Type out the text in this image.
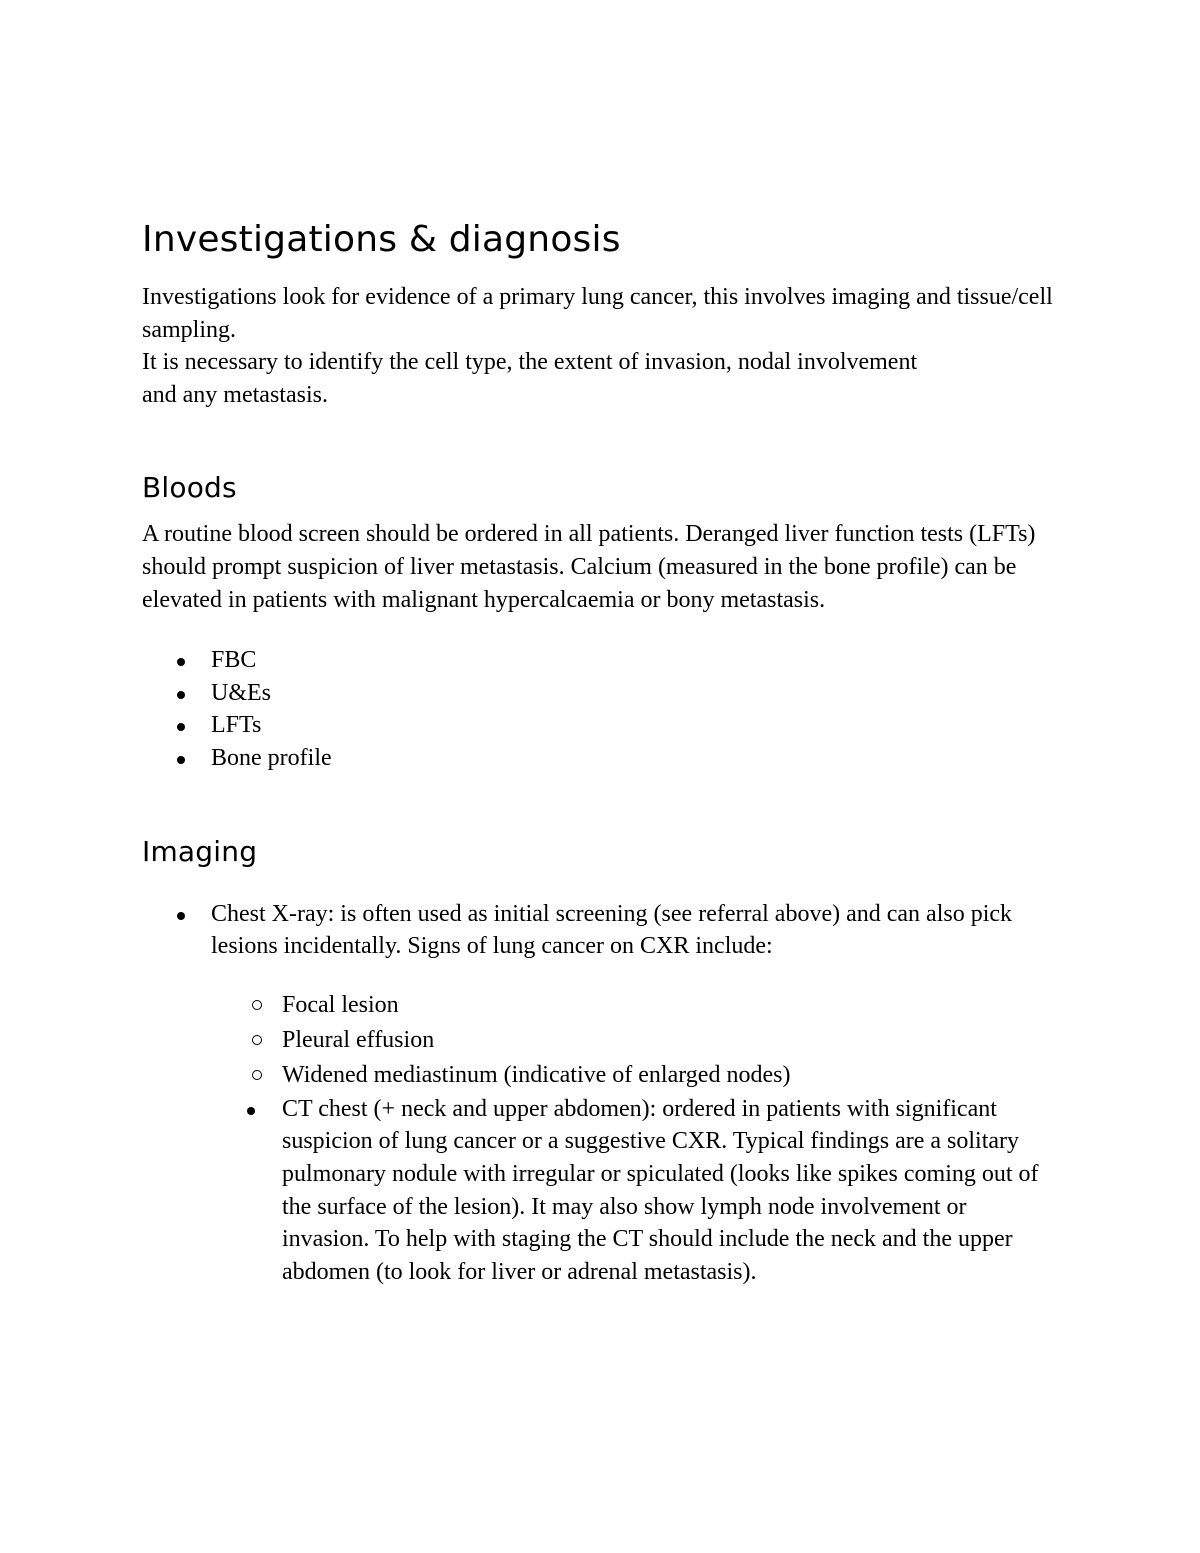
Investigations & diagnosis

Investigations look for evidence of a primary lung cancer, this involves imaging and tissue/cell sampling.

It is necessary to identify the cell type, the extent of invasion, nodal involvement and any metastasis.

Bloods

A routine blood screen should be ordered in all patients. Deranged liver function tests (LFTs) should prompt suspicion of liver metastasis. Calcium (measured in the bone profile) can be elevated in patients with malignant hypercalcaemia or bony metastasis.

FBC
U&Es
LFTs
Bone profile
Imaging
Chest X-ray: is often used as initial screening (see referral above) and can also pick lesions incidentally. Signs of lung cancer on CXR include:
Focal lesion
Pleural effusion
Widened mediastinum (indicative of enlarged nodes)
CT chest (+ neck and upper abdomen): ordered in patients with significant suspicion of lung cancer or a suggestive CXR. Typical findings are a solitary pulmonary nodule with irregular or spiculated (looks like spikes coming out of the surface of the lesion). It may also show lymph node involvement or invasion. To help with staging the CT should include the neck and the upper abdomen (to look for liver or adrenal metastasis).
